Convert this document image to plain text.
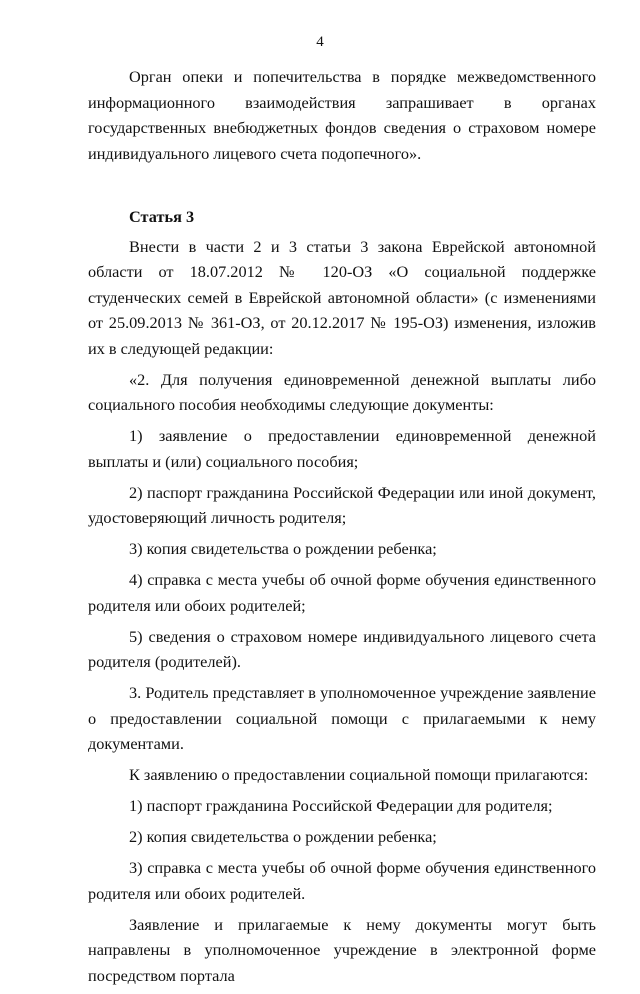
4

Орган опеки и попечительства в порядке межведомственного информационного взаимодействия запрашивает в органах государственных внебюджетных фондов сведения о страховом номере индивидуального лицевого счета подопечного».

Статья 3

Внести в части 2 и 3 статьи 3 закона Еврейской автономной области от 18.07.2012 № 120-ОЗ «О социальной поддержке студенческих семей в Еврейской автономной области» (с изменениями от 25.09.2013 № 361-ОЗ, от 20.12.2017 № 195-ОЗ) изменения, изложив их в следующей редакции:

«2. Для получения единовременной денежной выплаты либо социального пособия необходимы следующие документы:

1) заявление о предоставлении единовременной денежной выплаты и (или) социального пособия;

2) паспорт гражданина Российской Федерации или иной документ, удостоверяющий личность родителя;

3) копия свидетельства о рождении ребенка;

4) справка с места учебы об очной форме обучения единственного родителя или обоих родителей;

5) сведения о страховом номере индивидуального лицевого счета родителя (родителей).

3. Родитель представляет в уполномоченное учреждение заявление о предоставлении социальной помощи с прилагаемыми к нему документами.

К заявлению о предоставлении социальной помощи прилагаются:

1) паспорт гражданина Российской Федерации для родителя;

2) копия свидетельства о рождении ребенка;

3) справка с места учебы об очной форме обучения единственного родителя или обоих родителей.

Заявление и прилагаемые к нему документы могут быть направлены в уполномоченное учреждение в электронной форме посредством портала
